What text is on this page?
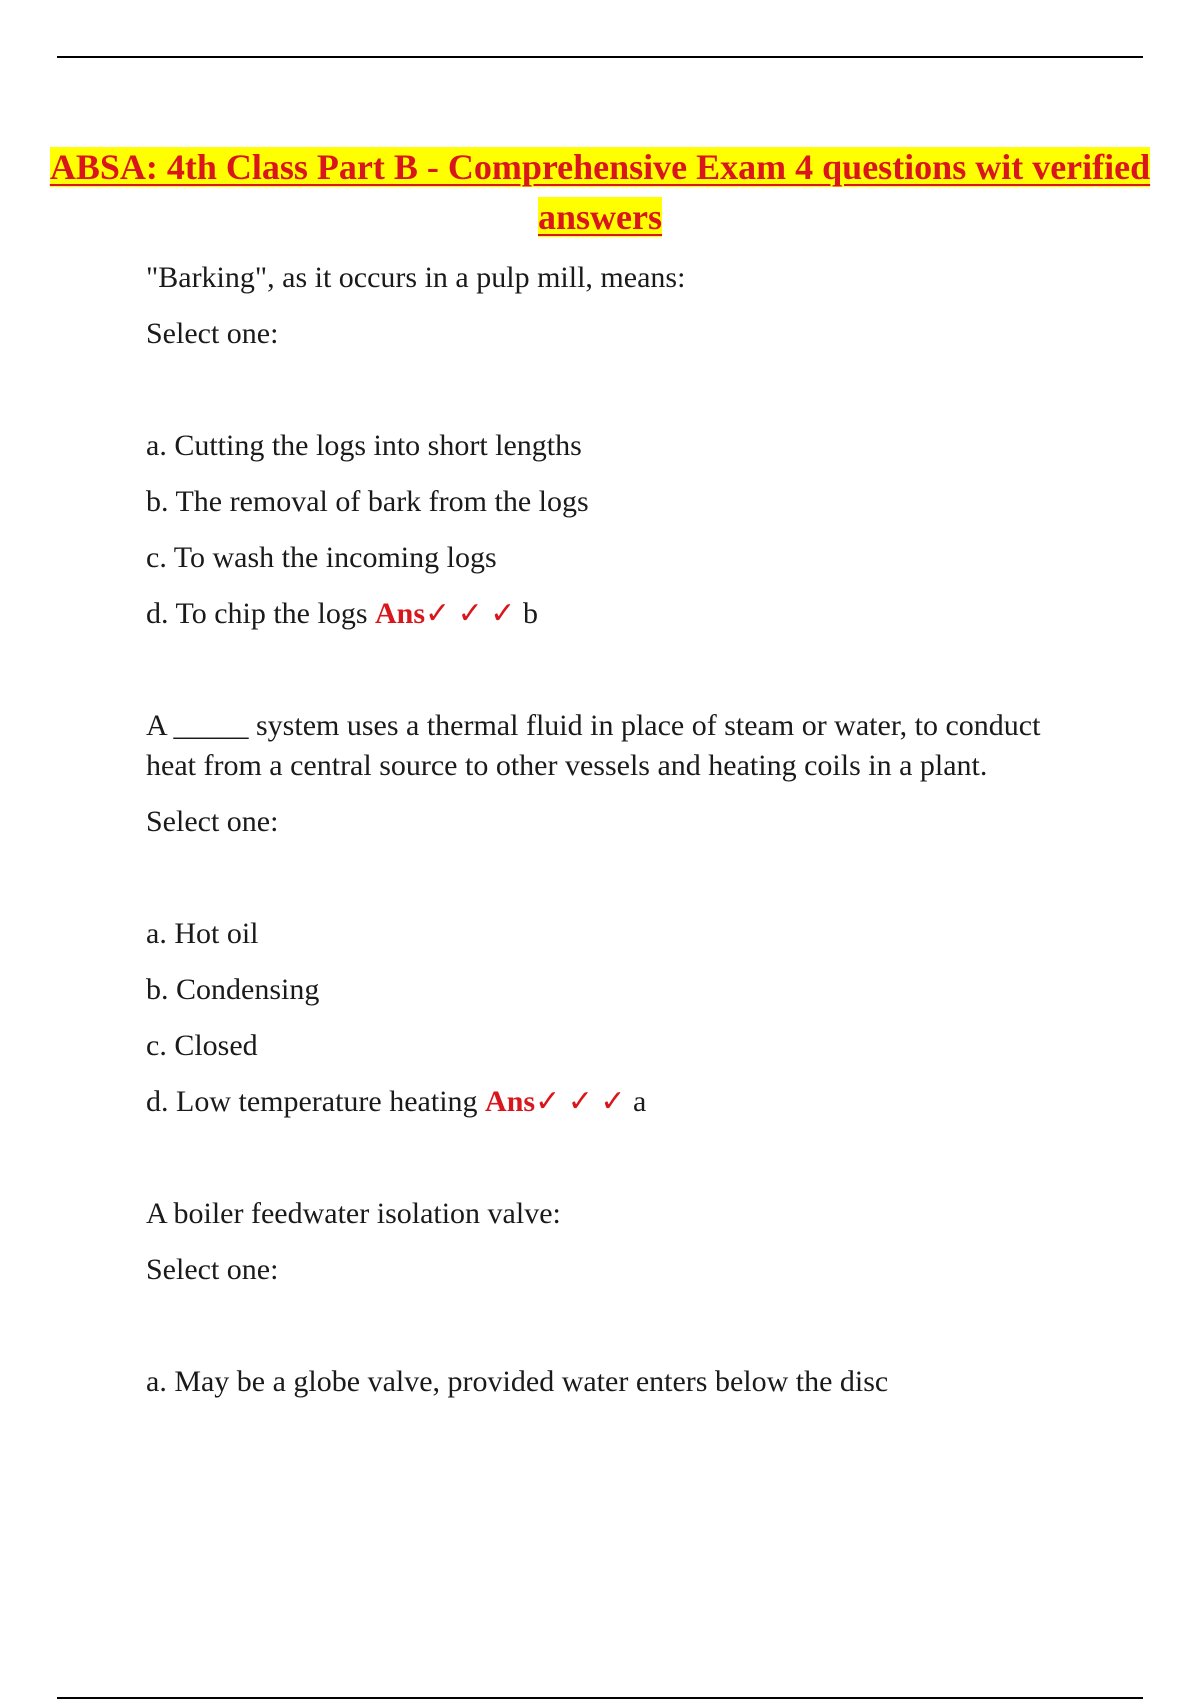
ABSA: 4th Class Part B - Comprehensive Exam 4 questions wit verified answers

"Barking", as it occurs in a pulp mill, means:

Select one:

a. Cutting the logs into short lengths

b. The removal of bark from the logs

c. To wash the incoming logs

d. To chip the logs Ans✓ ✓ ✓ b

A _____ system uses a thermal fluid in place of steam or water, to conduct heat from a central source to other vessels and heating coils in a plant.

Select one:

a. Hot oil

b. Condensing

c. Closed

d. Low temperature heating Ans✓ ✓ ✓ a

A boiler feedwater isolation valve:

Select one:

a. May be a globe valve, provided water enters below the disc
